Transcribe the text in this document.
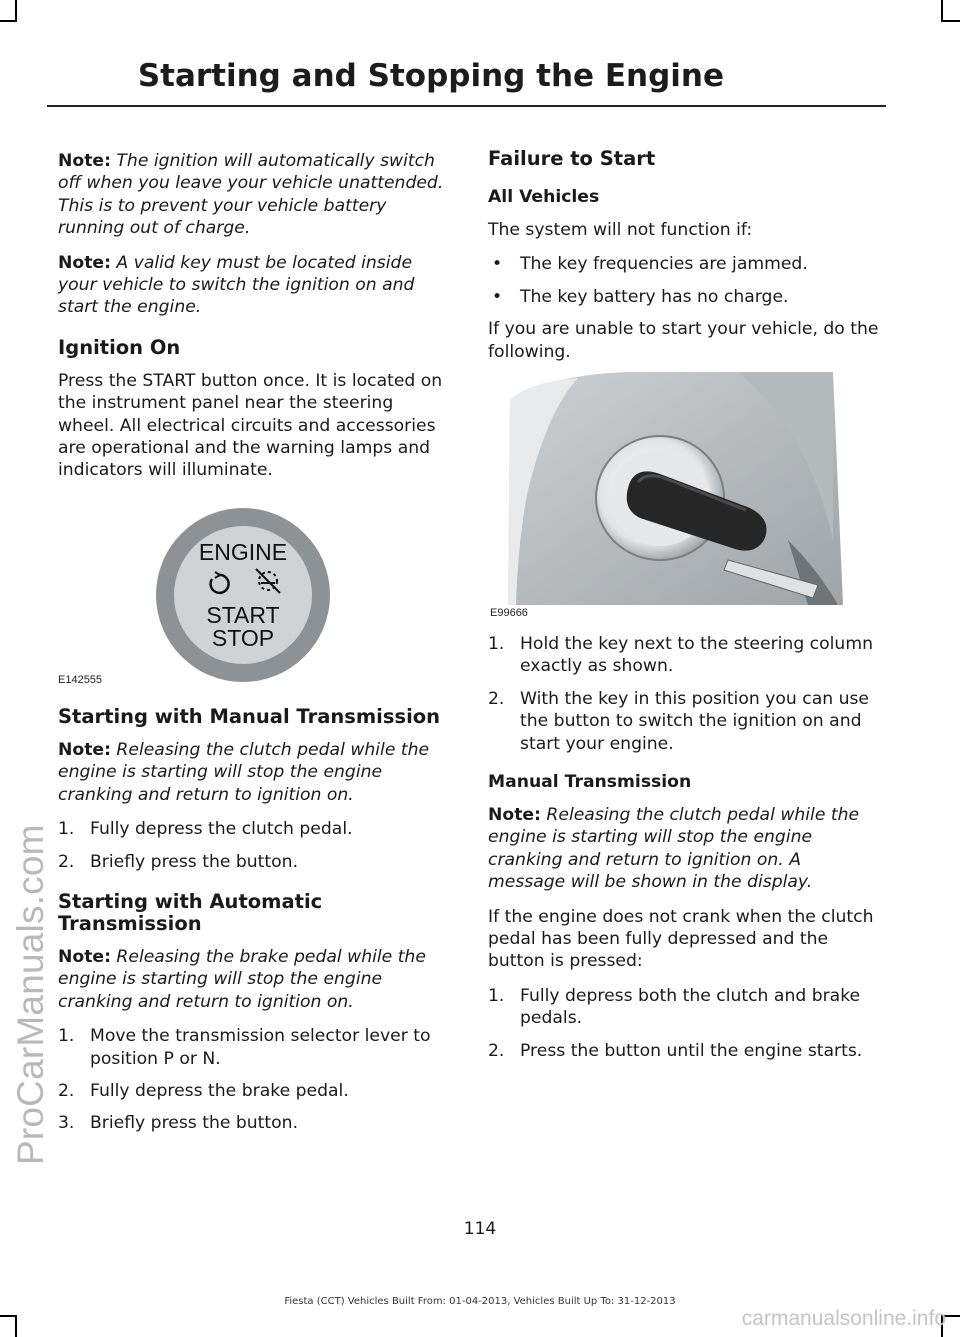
ProCarManuals.com
Starting and Stopping the Engine

Note: The ignition will automatically switch off when you leave your vehicle unattended. This is to prevent your vehicle battery running out of charge.

Note: A valid key must be located inside your vehicle to switch the ignition on and start the engine.

Ignition On

Press the START button once. It is located on the instrument panel near the steering wheel. All electrical circuits and accessories are operational and the warning lamps and indicators will illuminate.

ENGINE
START
STOP
E142555
Starting with Manual Transmission

Note: Releasing the clutch pedal while the engine is starting will stop the engine cranking and return to ignition on.

1. Fully depress the clutch pedal.
2. Briefly press the button.
Starting with Automatic Transmission

Note: Releasing the brake pedal while the engine is starting will stop the engine cranking and return to ignition on.

1. Move the transmission selector lever to position P or N.
2. Fully depress the brake pedal.
3. Briefly press the button.
Failure to Start
All Vehicles

The system will not function if:

• The key frequencies are jammed.
• The key battery has no charge.

If you are unable to start your vehicle, do the following.

E99666
1. Hold the key next to the steering column exactly as shown.
2. With the key in this position you can use the button to switch the ignition on and start your engine.
Manual Transmission

Note: Releasing the clutch pedal while the engine is starting will stop the engine cranking and return to ignition on. A message will be shown in the display.

If the engine does not crank when the clutch pedal has been fully depressed and the button is pressed:

1. Fully depress both the clutch and brake pedals.
2. Press the button until the engine starts.
114
Fiesta (CCT) Vehicles Built From: 01-04-2013, Vehicles Built Up To: 31-12-2013
carmanualsonline.info
